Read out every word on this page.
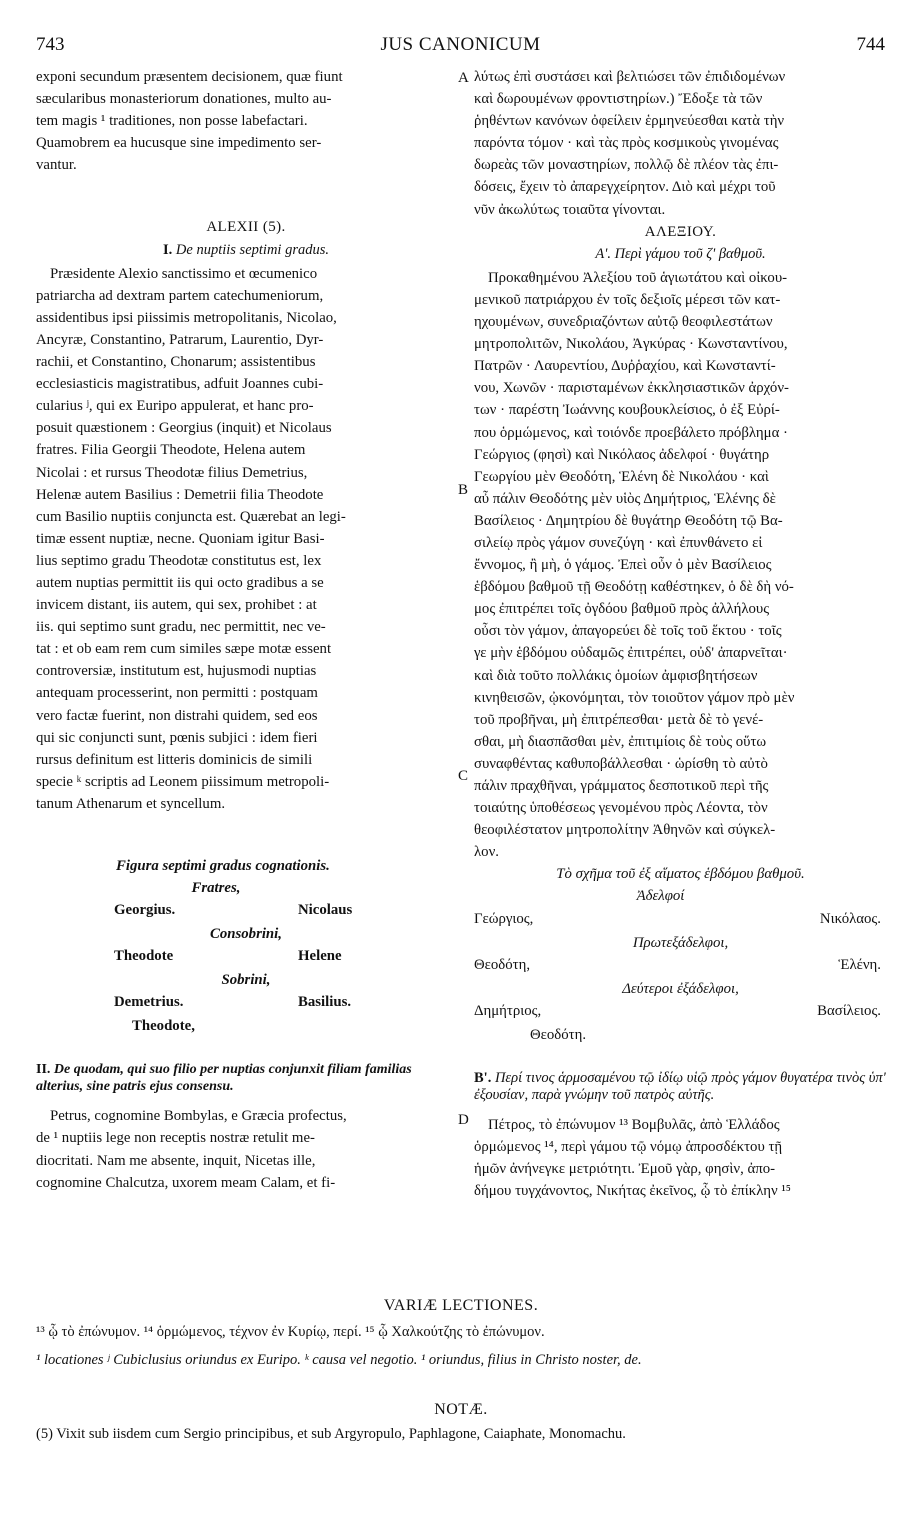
743	JUS CANONICUM	744
A
B
C
D
exponi secundum præsentem decisionem, quæ fiunt
sæcularibus monasteriorum donationes, multo au-
tem magis ¹ traditiones, non posse labefactari.
Quamobrem ea hucusque sine impedimento ser-
vantur.
ALEXII (5).
I. De nuptiis septimi gradus.
Præsidente Alexio sanctissimo et œcumenico
patriarcha ad dextram partem catechumeniorum,
assidentibus ipsi piissimis metropolitanis, Nicolao,
Ancyræ, Constantino, Patrarum, Laurentio, Dyr-
rachii, et Constantino, Chonarum; assistentibus
ecclesiasticis magistratibus, adfuit Joannes cubi-
cularius ʲ, qui ex Euripo appulerat, et hanc pro-
posuit quæstionem : Georgius (inquit) et Nicolaus
fratres. Filia Georgii Theodote, Helena autem
Nicolai : et rursus Theodotæ filius Demetrius,
Helenæ autem Basilius : Demetrii filia Theodote
cum Basilio nuptiis conjuncta est. Quærebat an legi-
timæ essent nuptiæ, necne. Quoniam igitur Basi-
lius septimo gradu Theodotæ constitutus est, lex
autem nuptias permittit iis qui octo gradibus a se
invicem distant, iis autem, qui sex, prohibet : at
iis. qui septimo sunt gradu, nec permittit, nec ve-
tat : et ob eam rem cum similes sæpe motæ essent
controversiæ, institutum est, hujusmodi nuptias
antequam processerint, non permitti : postquam
vero factæ fuerint, non distrahi quidem, sed eos
qui sic conjuncti sunt, pœnis subjici : idem fieri
rursus definitum est litteris dominicis de simili
specie ᵏ scriptis ad Leonem piissimum metropoli-
tanum Athenarum et syncellum.
Figura septimi gradus cognationis.
Fratres,
Georgius.	Nicolaus
Consobrini,
Theodote	Helene
Sobrini,
Demetrius.	Basilius.
Theodote,
II. De quodam, qui suo filio per nuptias conjunxit filiam familias alterius, sine patris ejus consensu.
Petrus, cognomine Bombylas, e Græcia profectus,
de ¹ nuptiis lege non receptis nostræ retulit me-
diocritati. Nam me absente, inquit, Nicetas ille,
cognomine Chalcutza, uxorem meam Calam, et fi-
λύτως ἐπὶ συστάσει καὶ βελτιώσει τῶν ἐπιδιδομένων
καὶ δωρουμένων φροντιστηρίων.) Ἔδοξε τὰ τῶν
ῥηθέντων κανόνων ὀφείλειν ἑρμηνεύεσθαι κατὰ τὴν
παρόντα τόμον · καὶ τὰς πρὸς κοσμικοὺς γινομένας
δωρεὰς τῶν μοναστηρίων, πολλῷ δὲ πλέον τὰς ἐπι-
δόσεις, ἔχειν τὸ ἀπαρεγχείρητον. Διὸ καὶ μέχρι τοῦ
νῦν ἀκωλύτως τοιαῦτα γίνονται.
ΑΛΕΞΙΟΥ.
Α'. Περὶ γάμου τοῦ ζ' βαθμοῦ.
Προκαθημένου Ἀλεξίου τοῦ ἁγιωτάτου καὶ οἰκου-
μενικοῦ πατριάρχου ἐν τοῖς δεξιοῖς μέρεσι τῶν κατ-
ηχουμένων, συνεδριαζόντων αὐτῷ θεοφιλεστάτων
μητροπολιτῶν, Νικολάου, Ἀγκύρας · Κωνσταντίνου,
Πατρῶν · Λαυρεντίου, Δυῤῥαχίου, καὶ Κωνσταντί-
νου, Χωνῶν · παρισταμένων ἐκκλησιαστικῶν ἀρχόν-
των · παρέστη Ἰωάννης κουβουκλείσιος, ὁ ἐξ Εὐρί-
που ὁρμώμενος, καὶ τοιόνδε προεβάλετο πρόβλημα ·
Γεώργιος (φησὶ) καὶ Νικόλαος ἀδελφοί · θυγάτηρ
Γεωργίου μὲν Θεοδότη, Ἑλένη δὲ Νικολάου · καὶ
αὖ πάλιν Θεοδότης μὲν υἱὸς Δημήτριος, Ἑλένης δὲ
Βασίλειος · Δημητρίου δὲ θυγάτηρ Θεοδότη τῷ Βα-
σιλείῳ πρὸς γάμον συνεζύγη · καὶ ἐπυνθάνετο εἰ
ἔννομος, ἢ μὴ, ὁ γάμος. Ἐπεὶ οὖν ὁ μὲν Βασίλειος
ἑβδόμου βαθμοῦ τῇ Θεοδότῃ καθέστηκεν, ὁ δὲ δὴ νό-
μος ἐπιτρέπει τοῖς ὀγδόου βαθμοῦ πρὸς ἀλλήλους
οὖσι τὸν γάμον, ἀπαγορεύει δὲ τοῖς τοῦ ἕκτου · τοῖς
γε μὴν ἑβδόμου οὐδαμῶς ἐπιτρέπει, οὐδ' ἀπαρνεῖται·
καὶ διὰ τοῦτο πολλάκις ὁμοίων ἀμφισβητήσεων
κινηθεισῶν, ᾠκονόμηται, τὸν τοιοῦτον γάμον πρὸ μὲν
τοῦ προβῆναι, μὴ ἐπιτρέπεσθαι· μετὰ δὲ τὸ γενέ-
σθαι, μὴ διασπᾶσθαι μὲν, ἐπιτιμίοις δὲ τοὺς οὕτω
συναφθέντας καθυποβάλλεσθαι · ὡρίσθη τὸ αὐτὸ
πάλιν πραχθῆναι, γράμματος δεσποτικοῦ περὶ τῆς
τοιαύτης ὑποθέσεως γενομένου πρὸς Λέοντα, τὸν
θεοφιλέστατον μητροπολίτην Ἀθηνῶν καὶ σύγκελ-
λον.
Τὸ σχῆμα τοῦ ἐξ αἵματος ἑβδόμου βαθμοῦ.
Ἀδελφοί
Γεώργιος,	Νικόλαος.
Πρωτεξάδελφοι,
Θεοδότη,	Ἑλένη.
Δεύτεροι ἐξάδελφοι,
Δημήτριος,	Βασίλειος.
Θεοδότη.
Β'. Περί τινος ἁρμοσαμένου τῷ ἰδίῳ υἱῷ πρὸς γάμον θυγατέρα τινὸς ὑπ' ἐξουσίαν, παρὰ γνώμην τοῦ πατρὸς αὐτῆς.
Πέτρος, τὸ ἐπώνυμον ¹³ Βομβυλᾶς, ἀπὸ Ἑλλάδος
ὁρμώμενος ¹⁴, περὶ γάμου τῷ νόμῳ ἀπροσδέκτου τῇ
ἡμῶν ἀνήνεγκε μετριότητι. Ἐμοῦ γὰρ, φησὶν, ἀπο-
δήμου τυγχάνοντος, Νικήτας ἐκεῖνος, ᾧ τὸ ἐπίκλην ¹⁵
VARIÆ LECTIONES.
¹³ ᾧ τὸ ἐπώνυμον. ¹⁴ ὁρμώμενος, τέχνον ἐν Κυρίῳ, περί. ¹⁵ ᾧ Χαλκούτζης τὸ ἐπώνυμον.
¹ locationes ʲ Cubiclusius oriundus ex Euripo. ᵏ causa vel negotio. ¹ oriundus, filius in Christo noster, de.
NOTÆ.
(5) Vixit sub iisdem cum Sergio principibus, et sub Argyropulo, Paphlagone, Caiaphate, Monomachu.
